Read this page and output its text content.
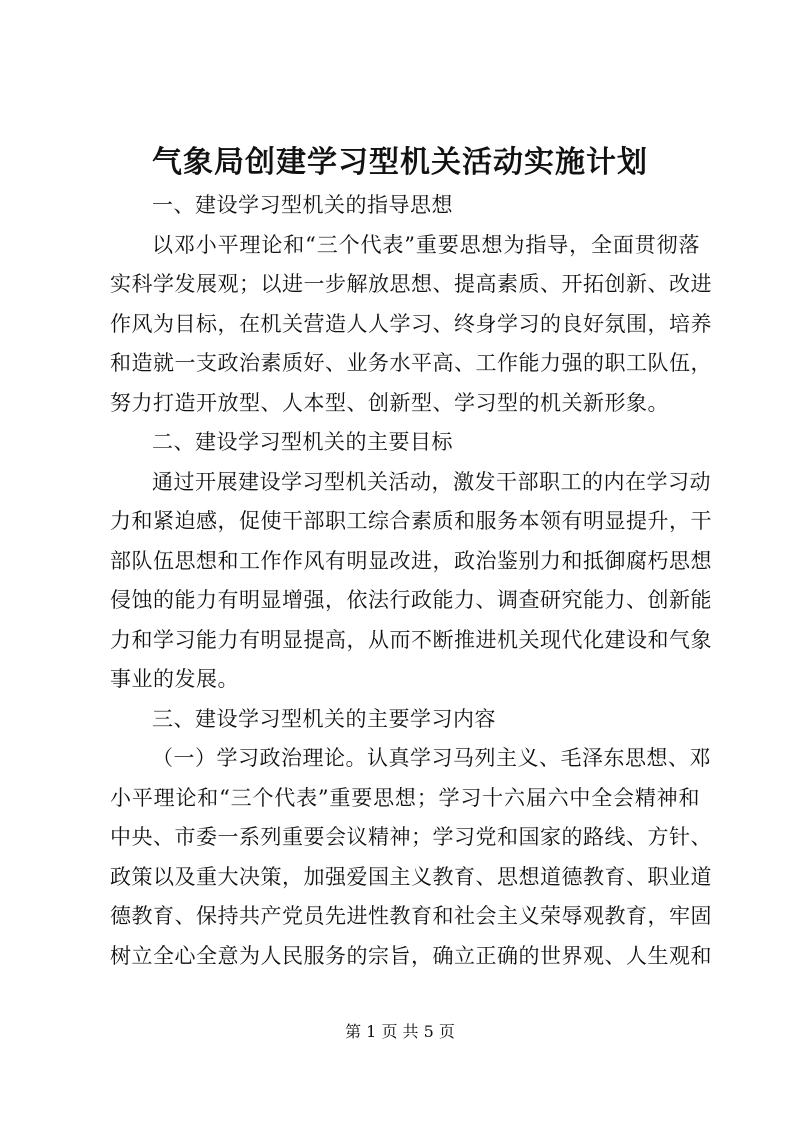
气象局创建学习型机关活动实施计划
一、建设学习型机关的指导思想
以邓小平理论和“三个代表”重要思想为指导，全面贯彻落
实科学发展观；以进一步解放思想、提高素质、开拓创新、改进
作风为目标，在机关营造人人学习、终身学习的良好氛围，培养
和造就一支政治素质好、业务水平高、工作能力强的职工队伍，
努力打造开放型、人本型、创新型、学习型的机关新形象。
二、建设学习型机关的主要目标
通过开展建设学习型机关活动，激发干部职工的内在学习动
力和紧迫感，促使干部职工综合素质和服务本领有明显提升，干
部队伍思想和工作作风有明显改进，政治鉴别力和抵御腐朽思想
侵蚀的能力有明显增强，依法行政能力、调查研究能力、创新能
力和学习能力有明显提高，从而不断推进机关现代化建设和气象
事业的发展。
三、建设学习型机关的主要学习内容
（一）学习政治理论。认真学习马列主义、毛泽东思想、邓
小平理论和“三个代表”重要思想；学习十六届六中全会精神和
中央、市委一系列重要会议精神；学习党和国家的路线、方针、
政策以及重大决策，加强爱国主义教育、思想道德教育、职业道
德教育、保持共产党员先进性教育和社会主义荣辱观教育，牢固
树立全心全意为人民服务的宗旨，确立正确的世界观、人生观和
第 1 页 共 5 页
